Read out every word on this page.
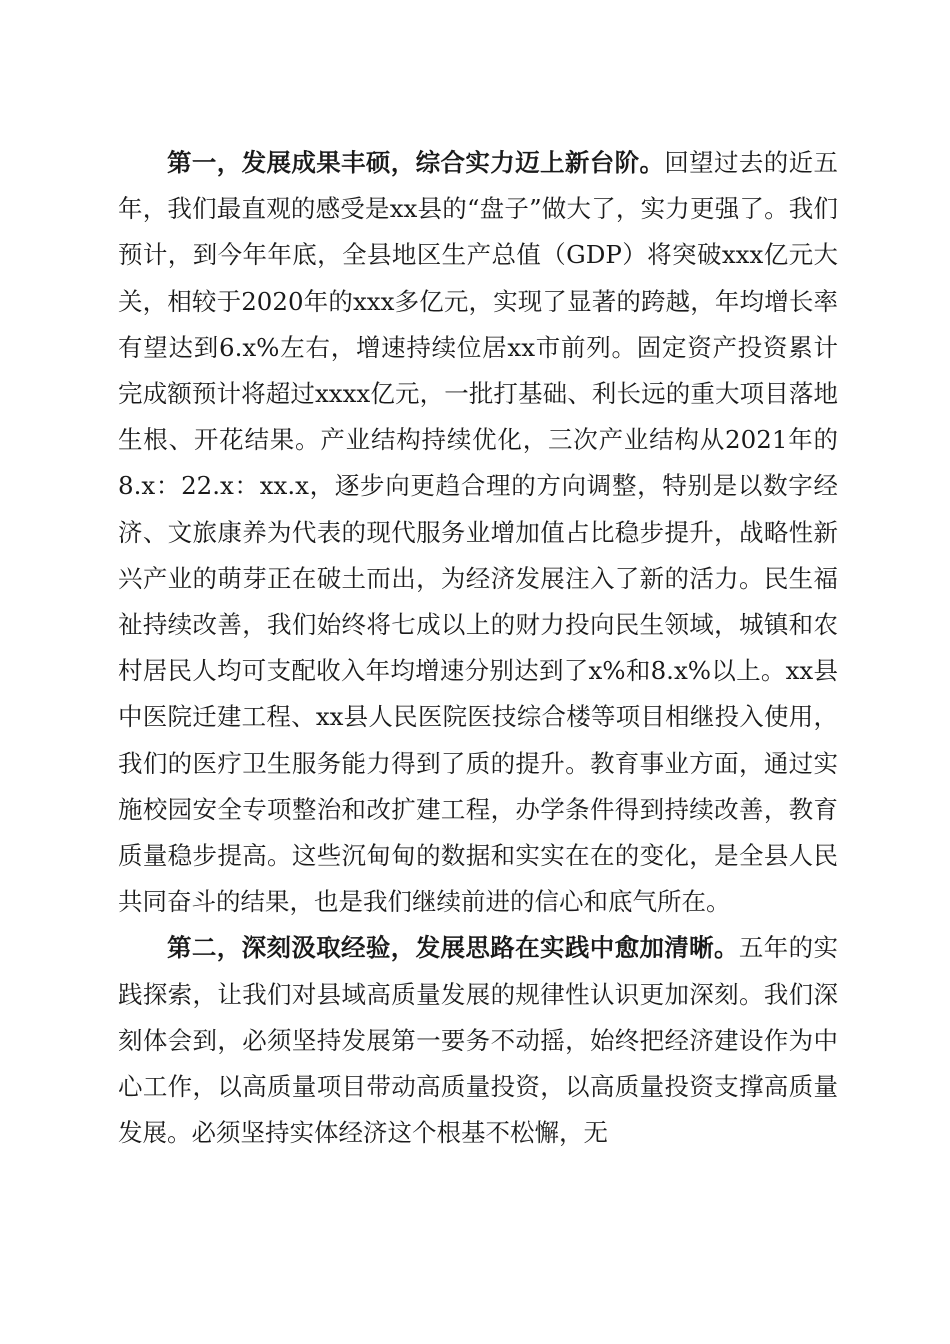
第一，发展成果丰硕，综合实力迈上新台阶。回望过去的近五年，我们最直观的感受是xx县的“盘子”做大了，实力更强了。我们预计，到今年年底，全县地区生产总值（GDP）将突破xxx亿元大关，相较于2020年的xxx多亿元，实现了显著的跨越，年均增长率有望达到6.x%左右，增速持续位居xx市前列。固定资产投资累计完成额预计将超过xxxx亿元，一批打基础、利长远的重大项目落地生根、开花结果。产业结构持续优化，三次产业结构从2021年的8.x：22.x：xx.x，逐步向更趋合理的方向调整，特别是以数字经济、文旅康养为代表的现代服务业增加值占比稳步提升，战略性新兴产业的萌芽正在破土而出，为经济发展注入了新的活力。民生福祉持续改善，我们始终将七成以上的财力投向民生领域，城镇和农村居民人均可支配收入年均增速分别达到了x%和8.x%以上。xx县中医院迁建工程、xx县人民医院医技综合楼等项目相继投入使用，我们的医疗卫生服务能力得到了质的提升。教育事业方面，通过实施校园安全专项整治和改扩建工程，办学条件得到持续改善，教育质量稳步提高。这些沉甸甸的数据和实实在在的变化，是全县人民共同奋斗的结果，也是我们继续前进的信心和底气所在。

第二，深刻汲取经验，发展思路在实践中愈加清晰。五年的实践探索，让我们对县域高质量发展的规律性认识更加深刻。我们深刻体会到，必须坚持发展第一要务不动摇，始终把经济建设作为中心工作，以高质量项目带动高质量投资，以高质量投资支撑高质量发展。必须坚持实体经济这个根基不松懈，无
